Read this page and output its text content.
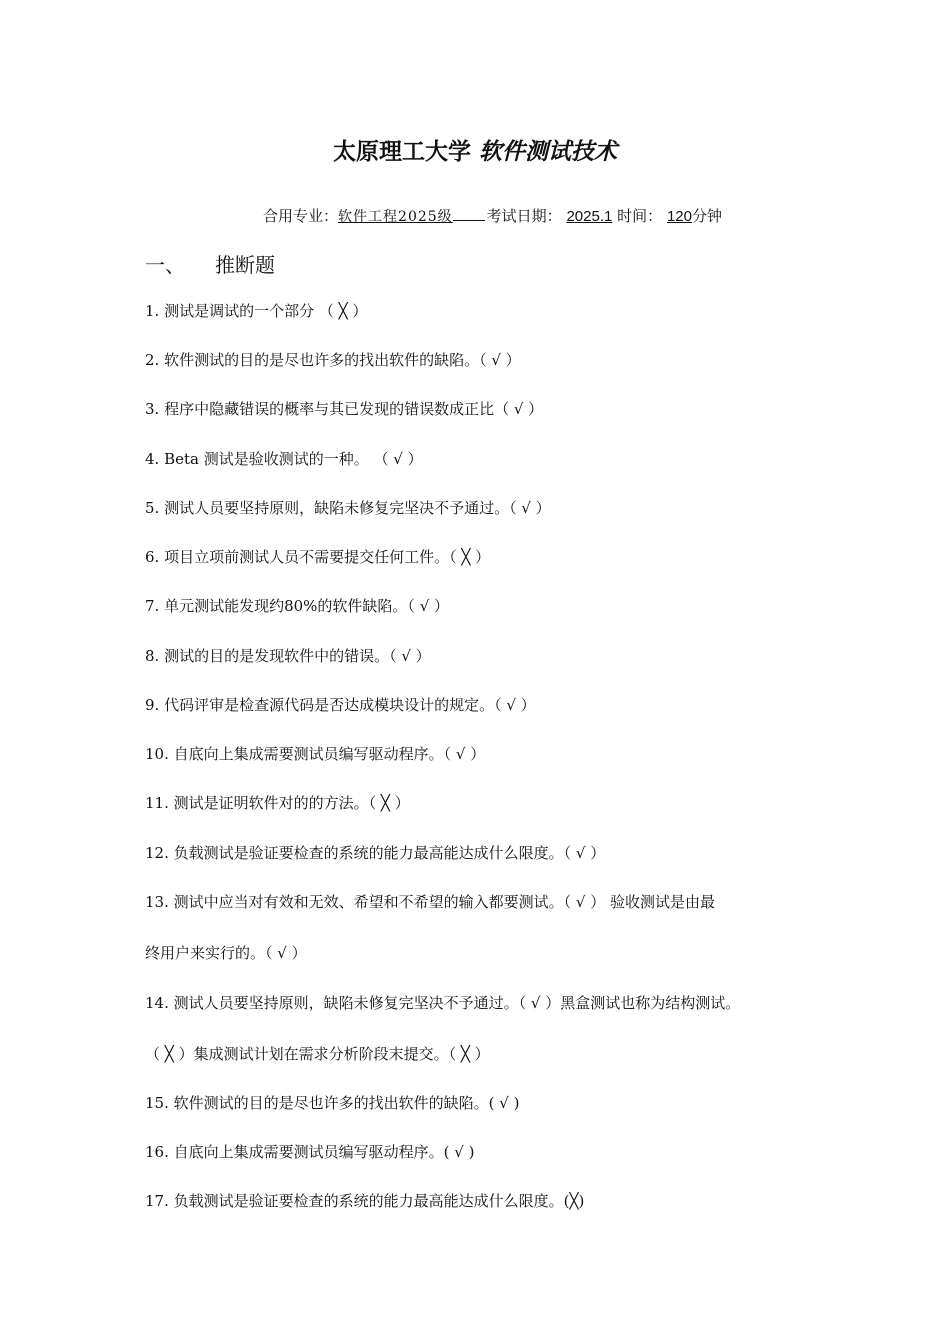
太原理工大学 软件测试技术
合用专业：软件工程2025级 考试日期： 2025.1 时间： 120分钟
一、 推断题
1. 测试是调试的一个部分 （ ╳ ）
2. 软件测试的目的是尽也许多的找出软件的缺陷。（ √ ）
3. 程序中隐藏错误的概率与其已发现的错误数成正比（ √ ）
4. Beta 测试是验收测试的一种。 （ √ ）
5. 测试人员要坚持原则，缺陷未修复完坚决不予通过。（ √ ）
6. 项目立项前测试人员不需要提交任何工件。（ ╳ ）
7. 单元测试能发现约80%的软件缺陷。（ √ ）
8. 测试的目的是发现软件中的错误。（ √ ）
9. 代码评审是检查源代码是否达成模块设计的规定。（ √ ）
10. 自底向上集成需要测试员编写驱动程序。（ √ ）
11. 测试是证明软件对的的方法。（ ╳ ）
12. 负载测试是验证要检查的系统的能力最高能达成什么限度。（ √ ）
13. 测试中应当对有效和无效、希望和不希望的输入都要测试。（ √ ） 验收测试是由最
终用户来实行的。（ √ ）
14. 测试人员要坚持原则，缺陷未修复完坚决不予通过。（ √ ）黑盒测试也称为结构测试。
（ ╳ ）集成测试计划在需求分析阶段末提交。（ ╳ ）
15. 软件测试的目的是尽也许多的找出软件的缺陷。( √ )
16. 自底向上集成需要测试员编写驱动程序。( √ )
17. 负载测试是验证要检查的系统的能力最高能达成什么限度。(╳)
